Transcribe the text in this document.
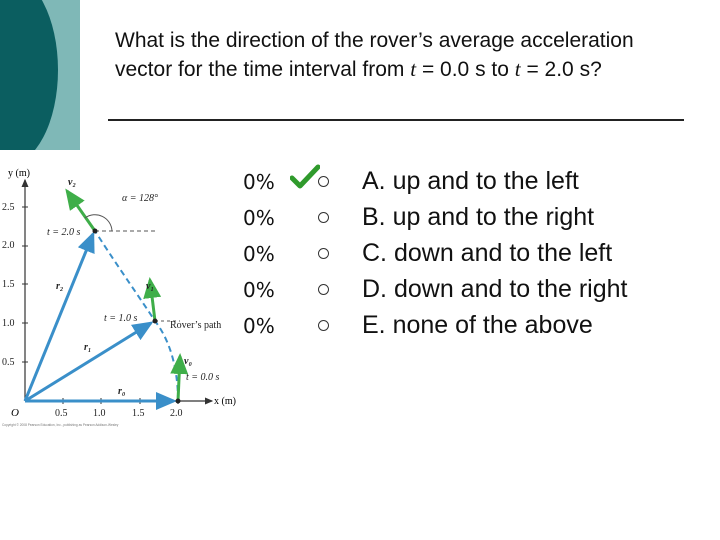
What is the direction of the rover’s average acceleration vector for the time interval from t = 0.0 s to t = 2.0 s?
y (m)
x (m)
O
2.5
2.0
1.5
1.0
0.5
0.5	1.0	1.5	2.0
α = 128°
t = 2.0 s
t = 1.0 s
t = 0.0 s
Rover’s path
v₂
v₁
v₀
r₂
r₁
r₀
Copyright © 2008 Pearson Education, Inc., publishing as Pearson Addison-Wesley
0%
0%
0%
0%
0%
A. up and to the left
B. up and to the right
C. down and to the left
D. down and to the right
E. none of the above
